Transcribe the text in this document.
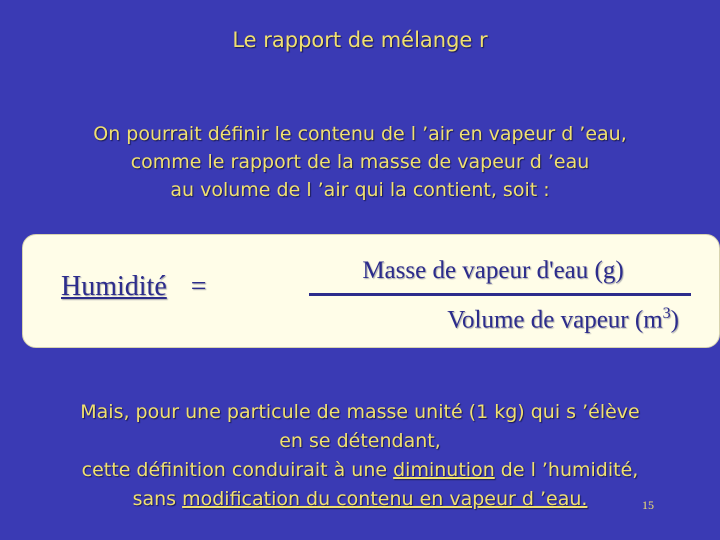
Le rapport de mélange r
On pourrait définir le contenu de l ’air en vapeur d ’eau,
comme le rapport de la masse de vapeur d ’eau
au volume de l ’air qui la contient, soit :
Humidité =
Masse de vapeur d'eau (g)
Volume de vapeur $(m^3)$
Mais, pour une particule de masse unité (1 kg) qui s ’élève
en se détendant,
cette définition conduirait à une diminution de l ’humidité,
sans modification du contenu en vapeur d ’eau.	15
